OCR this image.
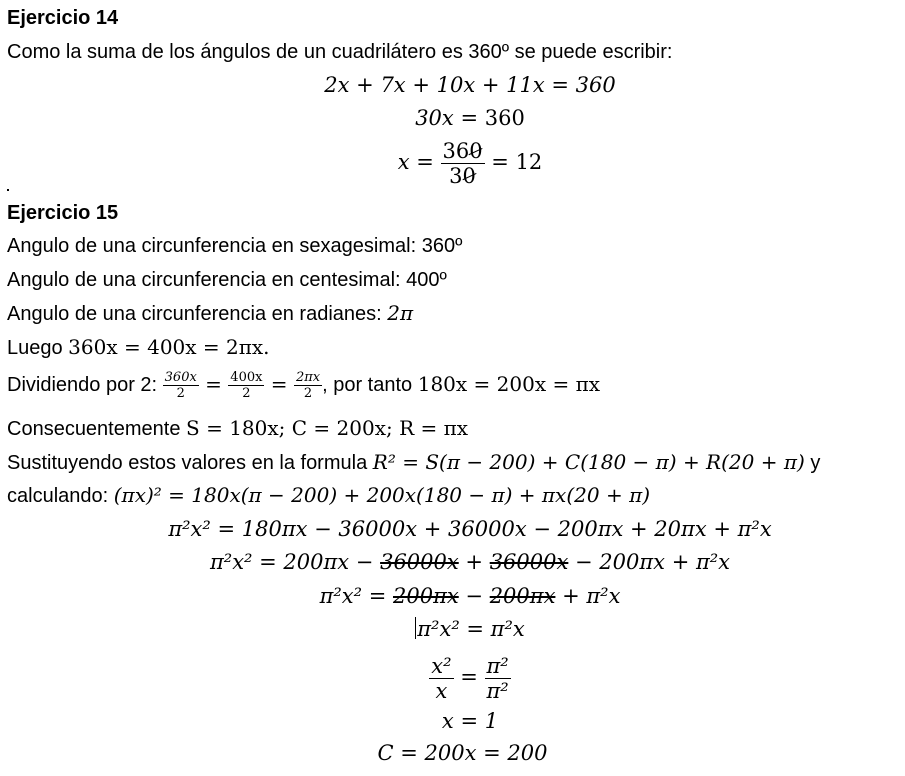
Ejercicio 14
Como la suma de los ángulos de un cuadrilátero es 360º se puede escribir:
2x + 7x + 10x + 11x = 360
30x = 360
$x = \frac{360}{30} = 12$
Ejercicio 15
Angulo de una circunferencia en sexagesimal: 360º
Angulo de una circunferencia en centesimal: 400º
Angulo de una circunferencia en radianes: 2π
Luego 360x = 400x = 2πx.
Dividiendo por 2: $\frac{360x}{2} = \frac{400x}{2} = \frac{2\pi x}{2}$ , por tanto 180x = 200x = πx
Consecuentemente S = 180x; C = 200x; R = πx
Sustituyendo estos valores en la formula R² = S(π − 200) + C(180 − π) + R(20 + π) y
calculando: (πx)² = 180x(π − 200) + 200x(180 − π) + πx(20 + π)
π²x² = 180πx − 36000x + 36000x − 200πx + 20πx + π²x
π²x² = 200πx − 36000x + 36000x − 200πx + π²x
π²x² = 200πx − 200πx + π²x
π²x² = π²x
$\frac{\text{x²}}{x} = \frac{\text{π²}}{\text{π²}}$
x = 1
C = 200x = 200
